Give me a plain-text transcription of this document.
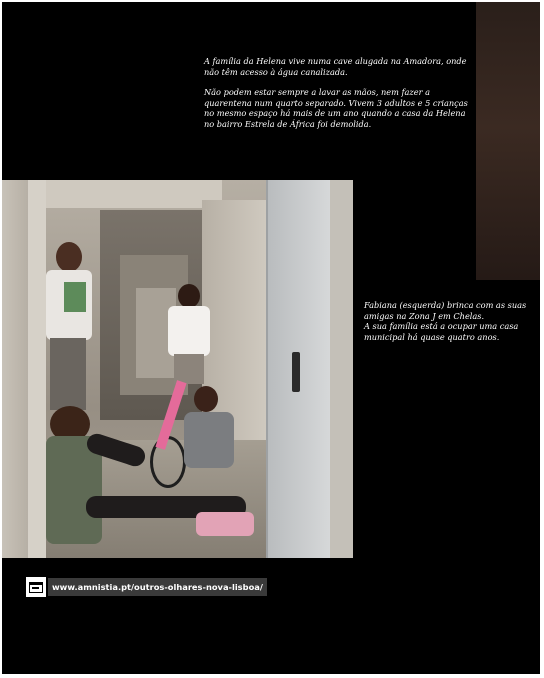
A família da Helena vive numa cave alugada na Amadora, onde não têm acesso à água canalizada.

Não podem estar sempre a lavar as mãos, nem fazer a quarentena num quarto separado. Vivem 3 adultos e 5 crianças no mesmo espaço há mais de um ano quando a casa da Helena no bairro Estrela de África foi demolida.

Fabiana (esquerda) brinca com as suas amigas na Zona J em Chelas.
A sua família está a ocupar uma casa municipal há quase quatro anos.
www.amnistia.pt/outros-olhares-nova-lisboa/
